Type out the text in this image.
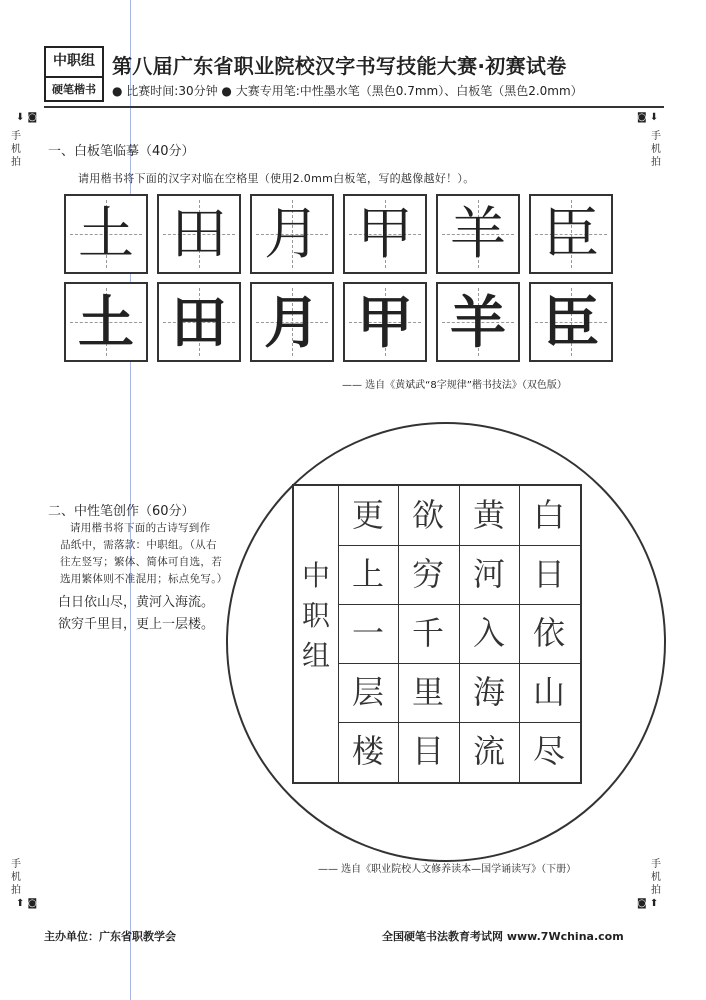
中职组
硬笔楷书
第八届广东省职业院校汉字书写技能大赛·初赛试卷
● 比赛时间:30分钟 ● 大赛专用笔:中性墨水笔（黑色0.7mm）、白板笔（黑色2.0mm）
⬇ ◙
手
机
拍
◙ ⬇
手
机
拍
手
机
拍
⬆ ◙
手
机
拍
◙ ⬆
一、白板笔临摹（40分）
请用楷书将下面的汉字对临在空格里（使用2.0mm白板笔，写的越像越好！）。
土 田 月 甲 羊 臣
土 田 月 甲 羊 臣
—— 选自《黄斌武“8字规律”楷书技法》（双色版）
二、中性笔创作（60分）
请用楷书将下面的古诗写到作
品纸中，需落款：中职组。（从右
往左竖写；繁体、简体可自选，若
选用繁体则不准混用；标点免写。）
白日依山尽，黄河入海流。
欲穷千里目，更上一层楼。
中
职
组
更 欲 黄 白
上 穷 河 日
一 千 入 依
层 里 海 山
楼 目 流 尽
—— 选自《职业院校人文修养读本—国学诵读写》（下册）
主办单位：广东省职教学会	全国硬笔书法教育考试网 www.7Wchina.com
